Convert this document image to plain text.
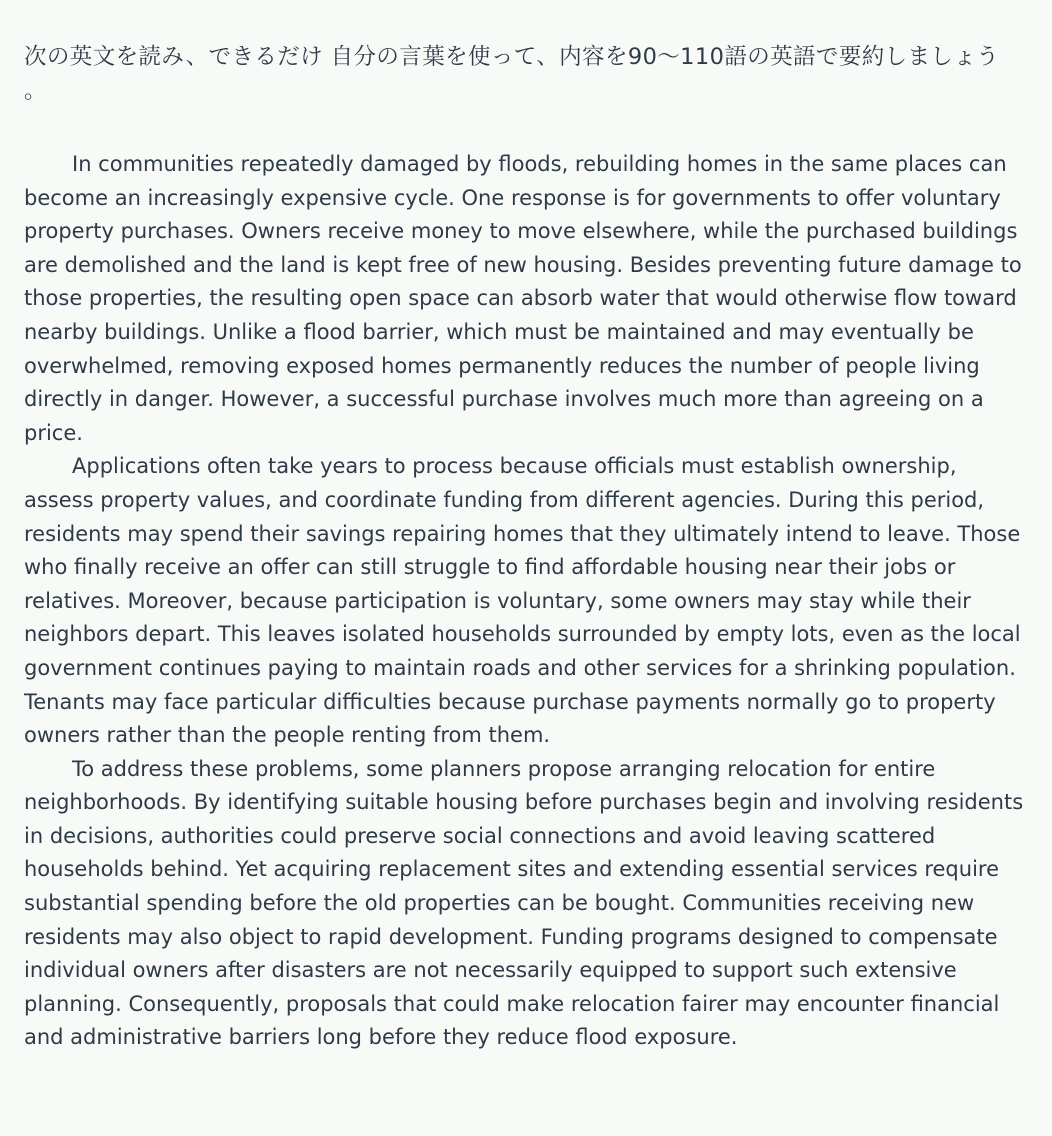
次の英文を読み、できるだけ 自分の言葉を使って、内容を90〜110語の英語で要約しましょう 。

In communities repeatedly damaged by floods, rebuilding homes in the same places can become an increasingly expensive cycle. One response is for governments to offer voluntary property purchases. Owners receive money to move elsewhere, while the purchased buildings are demolished and the land is kept free of new housing. Besides preventing future damage to those properties, the resulting open space can absorb water that would otherwise flow toward nearby buildings. Unlike a flood barrier, which must be maintained and may eventually be overwhelmed, removing exposed homes permanently reduces the number of people living directly in danger. However, a successful purchase involves much more than agreeing on a price.

Applications often take years to process because officials must establish ownership, assess property values, and coordinate funding from different agencies. During this period, residents may spend their savings repairing homes that they ultimately intend to leave. Those who finally receive an offer can still struggle to find affordable housing near their jobs or relatives. Moreover, because participation is voluntary, some owners may stay while their neighbors depart. This leaves isolated households surrounded by empty lots, even as the local government continues paying to maintain roads and other services for a shrinking population. Tenants may face particular difficulties because purchase payments normally go to property owners rather than the people renting from them.

To address these problems, some planners propose arranging relocation for entire neighborhoods. By identifying suitable housing before purchases begin and involving residents in decisions, authorities could preserve social connections and avoid leaving scattered households behind. Yet acquiring replacement sites and extending essential services require substantial spending before the old properties can be bought. Communities receiving new residents may also object to rapid development. Funding programs designed to compensate individual owners after disasters are not necessarily equipped to support such extensive planning. Consequently, proposals that could make relocation fairer may encounter financial and administrative barriers long before they reduce flood exposure.
